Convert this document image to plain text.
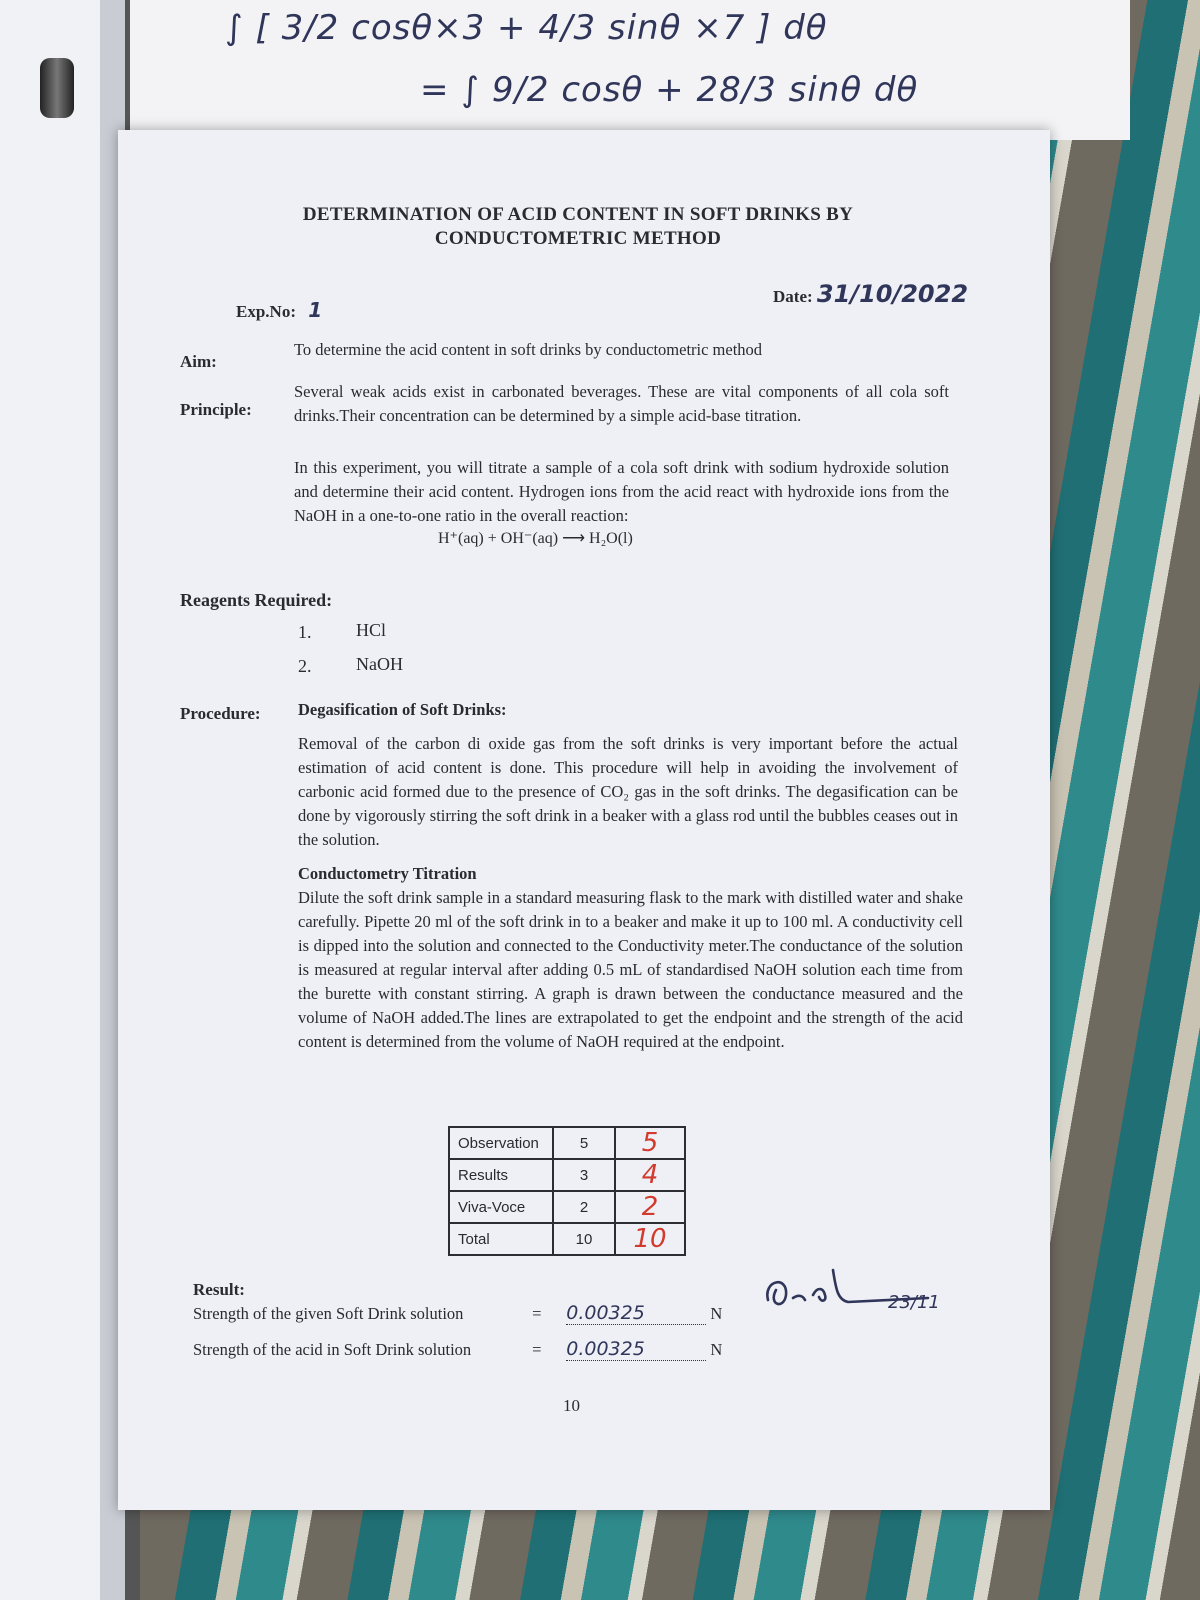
∫ [ 3/2 cosθ×3 + 4/3 sinθ ×7 ] dθ
= ∫ 9/2 cosθ + 28/3 sinθ dθ
DETERMINATION OF ACID CONTENT IN SOFT DRINKS BY CONDUCTOMETRIC METHOD
Exp.No: 1
Date: 31/10/2022
Aim:
To determine the acid content in soft drinks by conductometric method
Principle:
Several weak acids exist in carbonated beverages. These are vital components of all cola soft drinks.Their concentration can be determined by a simple acid-base titration.
In this experiment, you will titrate a sample of a cola soft drink with sodium hydroxide solution and determine their acid content. Hydrogen ions from the acid react with hydroxide ions from the NaOH in a one-to-one ratio in the overall reaction:
H⁺(aq) + OH⁻(aq) ⟶ H₂O(l)
Reagents Required:
1. HCl
2. NaOH
Procedure: Degasification of Soft Drinks:
Removal of the carbon di oxide gas from the soft drinks is very important before the actual estimation of acid content is done. This procedure will help in avoiding the involvement of carbonic acid formed due to the presence of CO₂ gas in the soft drinks. The degasification can be done by vigorously stirring the soft drink in a beaker with a glass rod until the bubbles ceases out in the solution.
Conductometry Titration
Dilute the soft drink sample in a standard measuring flask to the mark with distilled water and shake carefully. Pipette 20 ml of the soft drink in to a beaker and make it up to 100 ml. A conductivity cell is dipped into the solution and connected to the Conductivity meter.The conductance of the solution is measured at regular interval after adding 0.5 mL of standardised NaOH solution each time from the burette with constant stirring. A graph is drawn between the conductance measured and the volume of NaOH added.The lines are extrapolated to get the endpoint and the strength of the acid content is determined from the volume of NaOH required at the endpoint.
Observation	5	5
Results	3	4
Viva-Voce	2	2
Total	10	10
Result:
Strength of the given Soft Drink solution	= 0.00325	N
Strength of the acid in Soft Drink solution	= 0.00325	N
23/11
10
